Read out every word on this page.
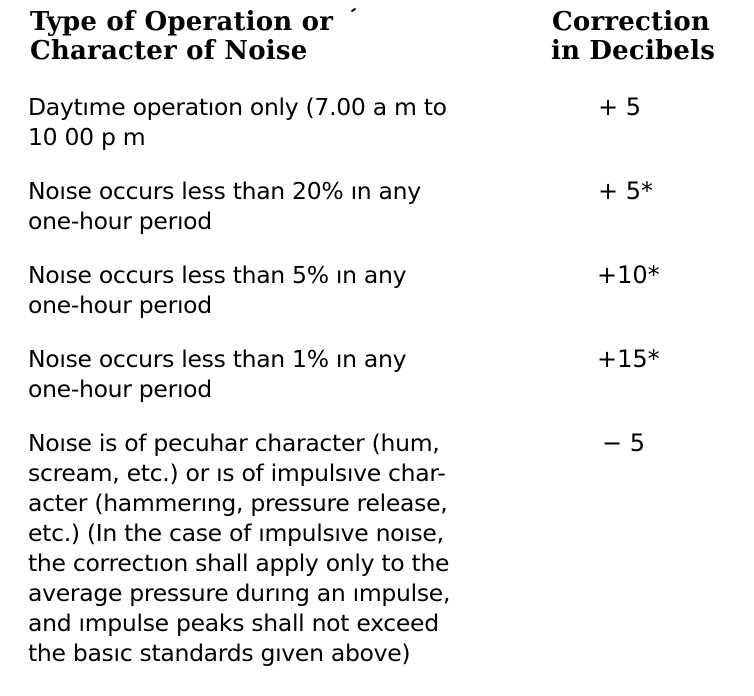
Type of Operation or
Character of Noise
Correction
in Decibels
Daytıme operatıon only (7.00 a m to
10 00 p m
+ 5
Noıse occurs less than 20% ın any
one-hour perıod
+ 5*
Noıse occurs less than 5% ın any
one-hour perıod
+10*
Noıse occurs less than 1% ın any
one-hour perıod
+15*
Noıse is of pecuhar character (hum,
scream, etc.) or ıs of impulsıve char-
acter (hammerıng, pressure release,
etc.) (In the case of ımpulsıve noıse,
the correctıon shall apply only to the
average pressure durıng an ımpulse,
and ımpulse peaks shall not exceed
the basıc standards gıven above)
− 5
